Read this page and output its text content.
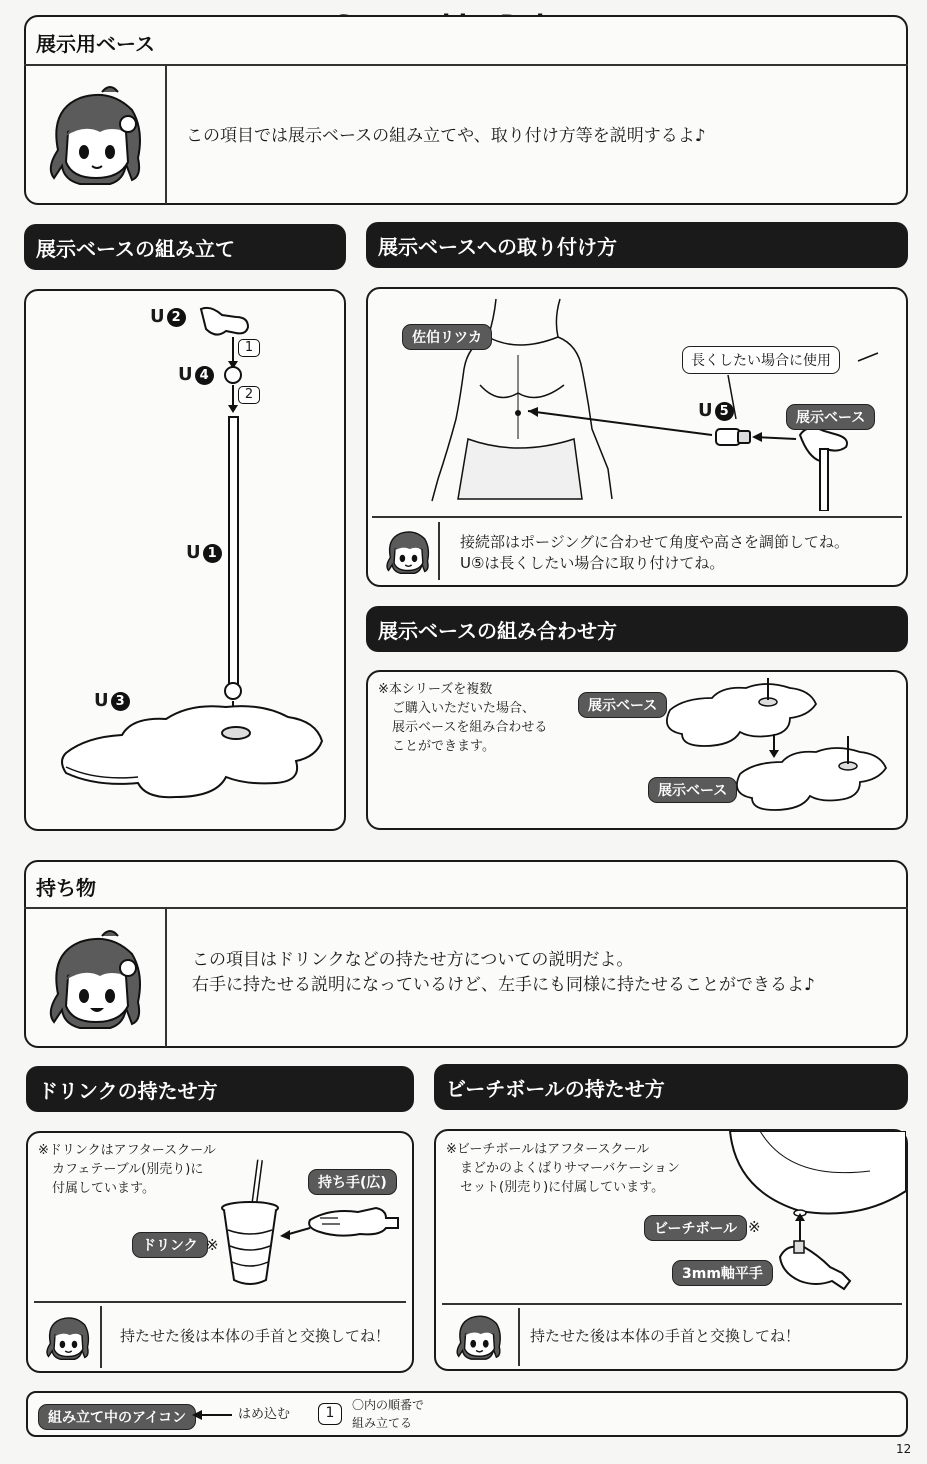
展示用ベース
この項目では展示ベースの組み立てや、取り付け方等を説明するよ♪
展示ベースの組み立て
U 2
U 4
U 1
U 3
1
2
展示ベースへの取り付け方
佐伯リツカ
長くしたい場合に使用
U 5	展示ベース
接続部はポージングに合わせて角度や高さを調節してね。
U⑤は長くしたい場合に取り付けてね。
展示ベースの組み合わせ方
※本シリーズを複数
ご購入いただいた場合、
展示ベースを組み合わせる
ことができます。
展示ベース
展示ベース
持ち物
この項目はドリンクなどの持たせ方についての説明だよ。
右手に持たせる説明になっているけど、左手にも同様に持たせることができるよ♪
ドリンクの持たせ方
※ドリンクはアフタースクール
カフェテーブル(別売り)に
付属しています。	持ち手(広)
ドリンク ※
持たせた後は本体の手首と交換してね！
ビーチボールの持たせ方
※ビーチボールはアフタースクール
まどかのよくばりサマーバケーション
セット(別売り)に付属しています。
ビーチボール ※
3mm軸平手
持たせた後は本体の手首と交換してね！
組み立て中のアイコン	はめ込む	1	〇内の順番で
組み立てる
12
